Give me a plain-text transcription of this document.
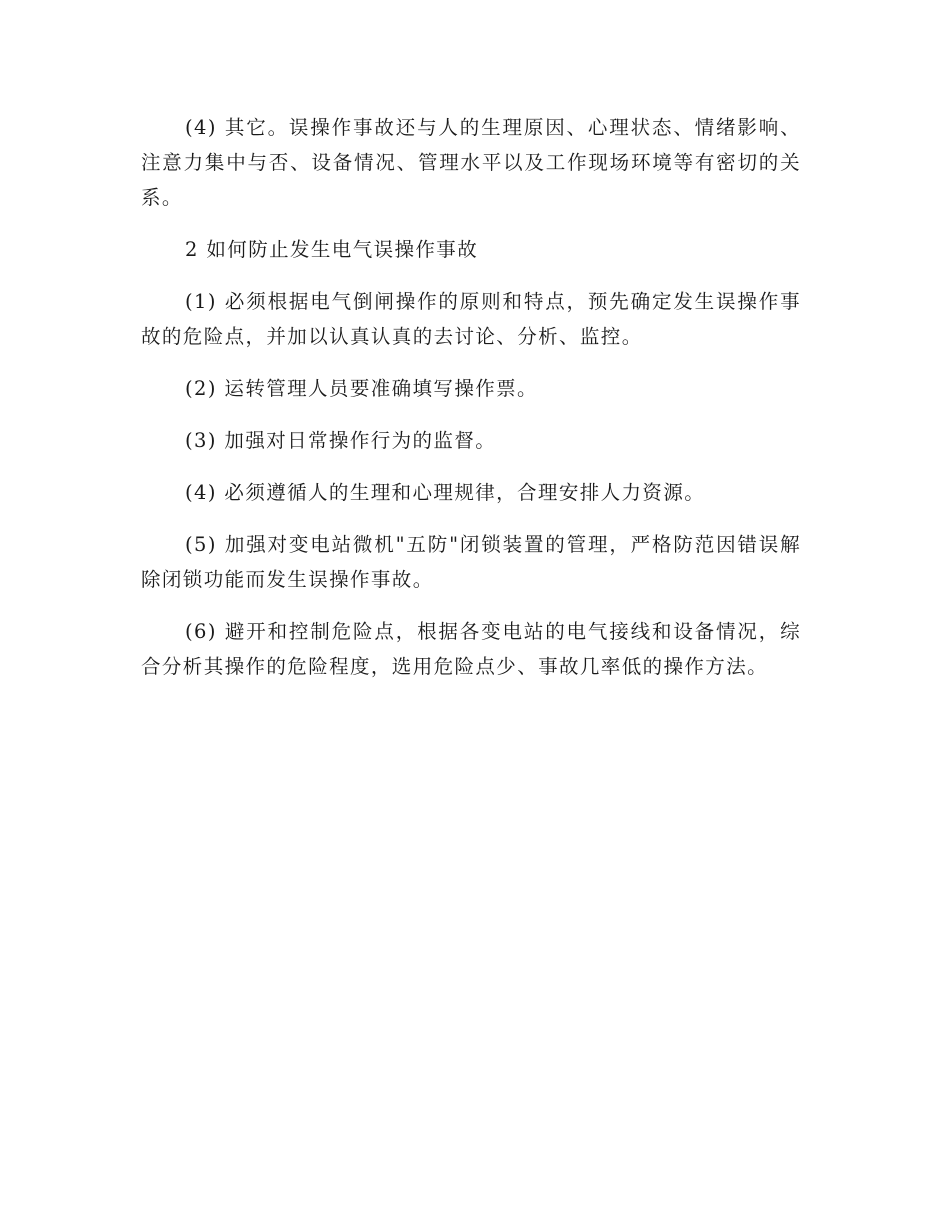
(4) 其它。误操作事故还与人的生理原因、心理状态、情绪影响、注意力集中与否、设备情况、管理水平以及工作现场环境等有密切的关系。

2 如何防止发生电气误操作事故

(1) 必须根据电气倒闸操作的原则和特点，预先确定发生误操作事故的危险点，并加以认真认真的去讨论、分析、监控。

(2) 运转管理人员要准确填写操作票。

(3) 加强对日常操作行为的监督。

(4) 必须遵循人的生理和心理规律，合理安排人力资源。

(5) 加强对变电站微机"五防"闭锁装置的管理，严格防范因错误解除闭锁功能而发生误操作事故。

(6) 避开和控制危险点，根据各变电站的电气接线和设备情况，综合分析其操作的危险程度，选用危险点少、事故几率低的操作方法。
